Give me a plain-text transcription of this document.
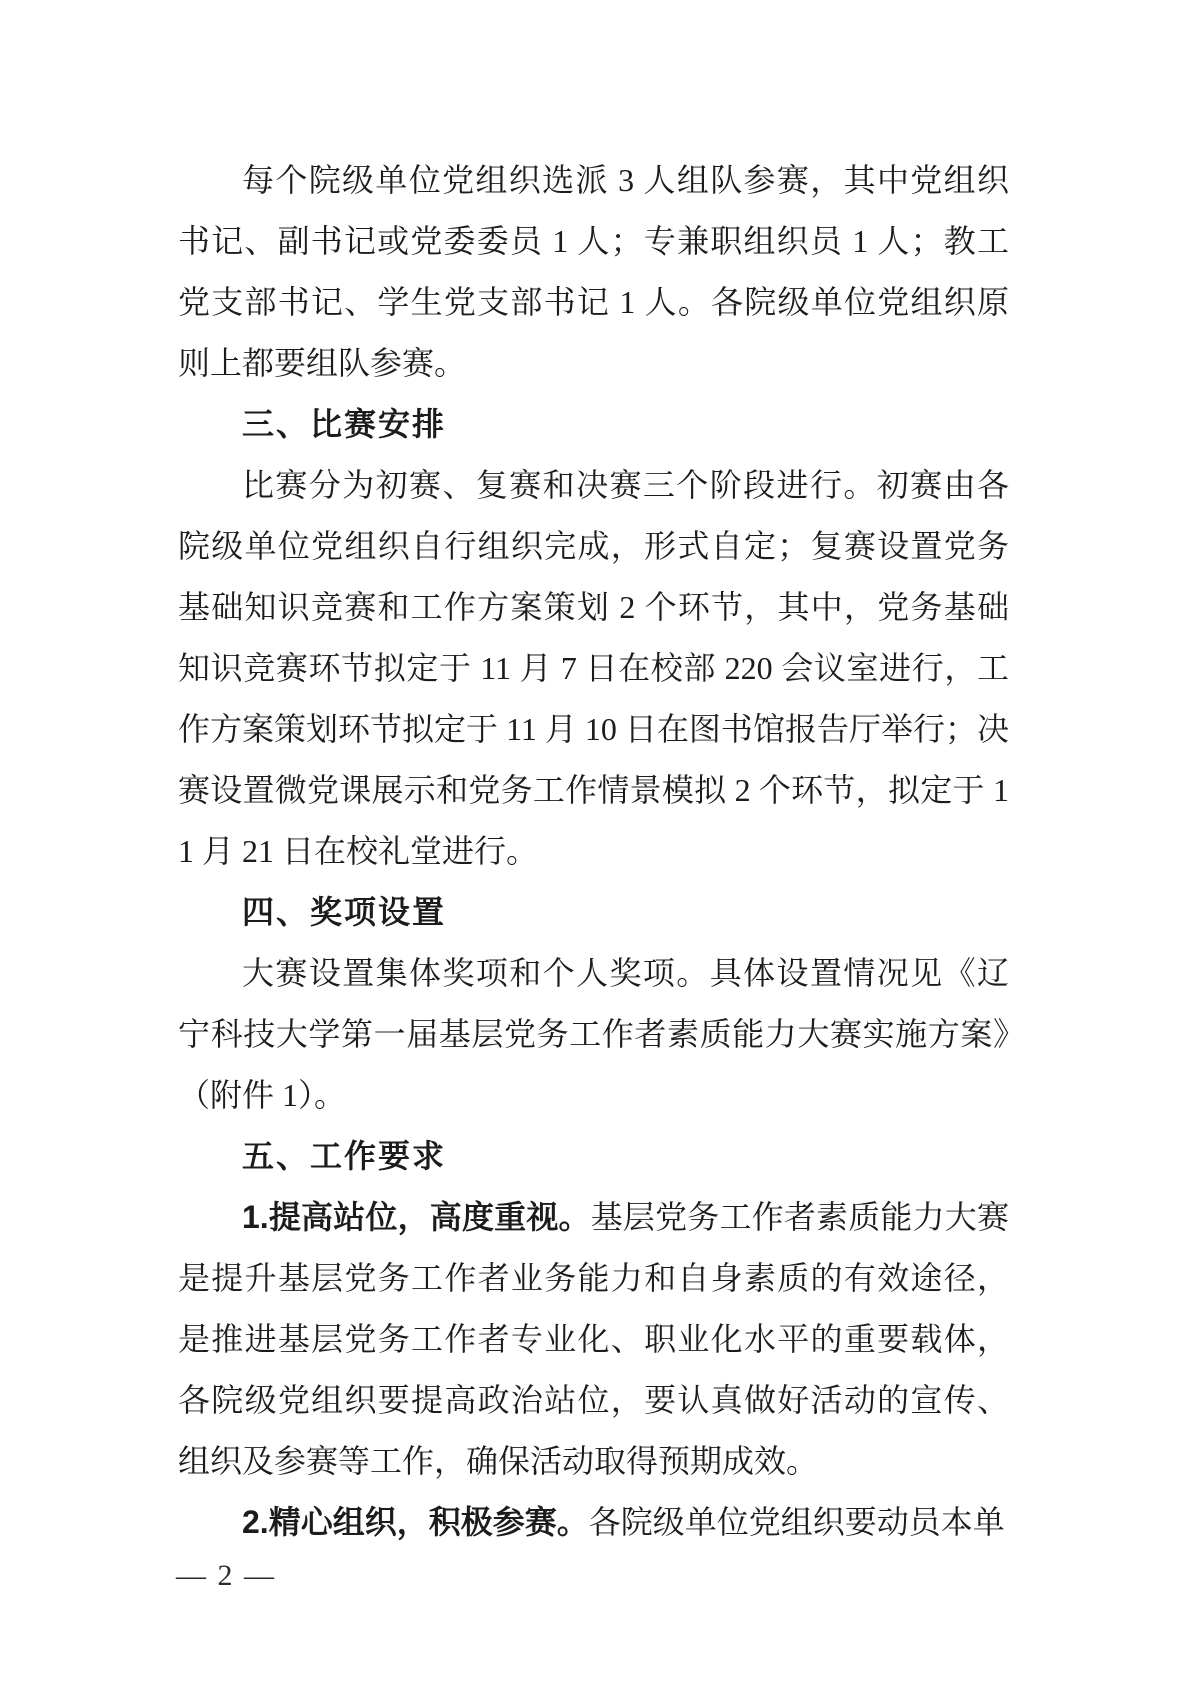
每个院级单位党组织选派 3 人组队参赛，其中党组织书记、副书记或党委委员 1 人；专兼职组织员 1 人；教工党支部书记、学生党支部书记 1 人。各院级单位党组织原则上都要组队参赛。

三、比赛安排

比赛分为初赛、复赛和决赛三个阶段进行。初赛由各院级单位党组织自行组织完成，形式自定；复赛设置党务基础知识竞赛和工作方案策划 2 个环节，其中，党务基础知识竞赛环节拟定于 11 月 7 日在校部 220 会议室进行，工作方案策划环节拟定于 11 月 10 日在图书馆报告厅举行；决赛设置微党课展示和党务工作情景模拟 2 个环节，拟定于 11 月 21 日在校礼堂进行。

四、奖项设置

大赛设置集体奖项和个人奖项。具体设置情况见《辽宁科技大学第一届基层党务工作者素质能力大赛实施方案》（附件 1）。

五、工作要求

1.提高站位，高度重视。基层党务工作者素质能力大赛是提升基层党务工作者业务能力和自身素质的有效途径，是推进基层党务工作者专业化、职业化水平的重要载体，各院级党组织要提高政治站位，要认真做好活动的宣传、组织及参赛等工作，确保活动取得预期成效。

2.精心组织，积极参赛。各院级单位党组织要动员本单

— 2 —
